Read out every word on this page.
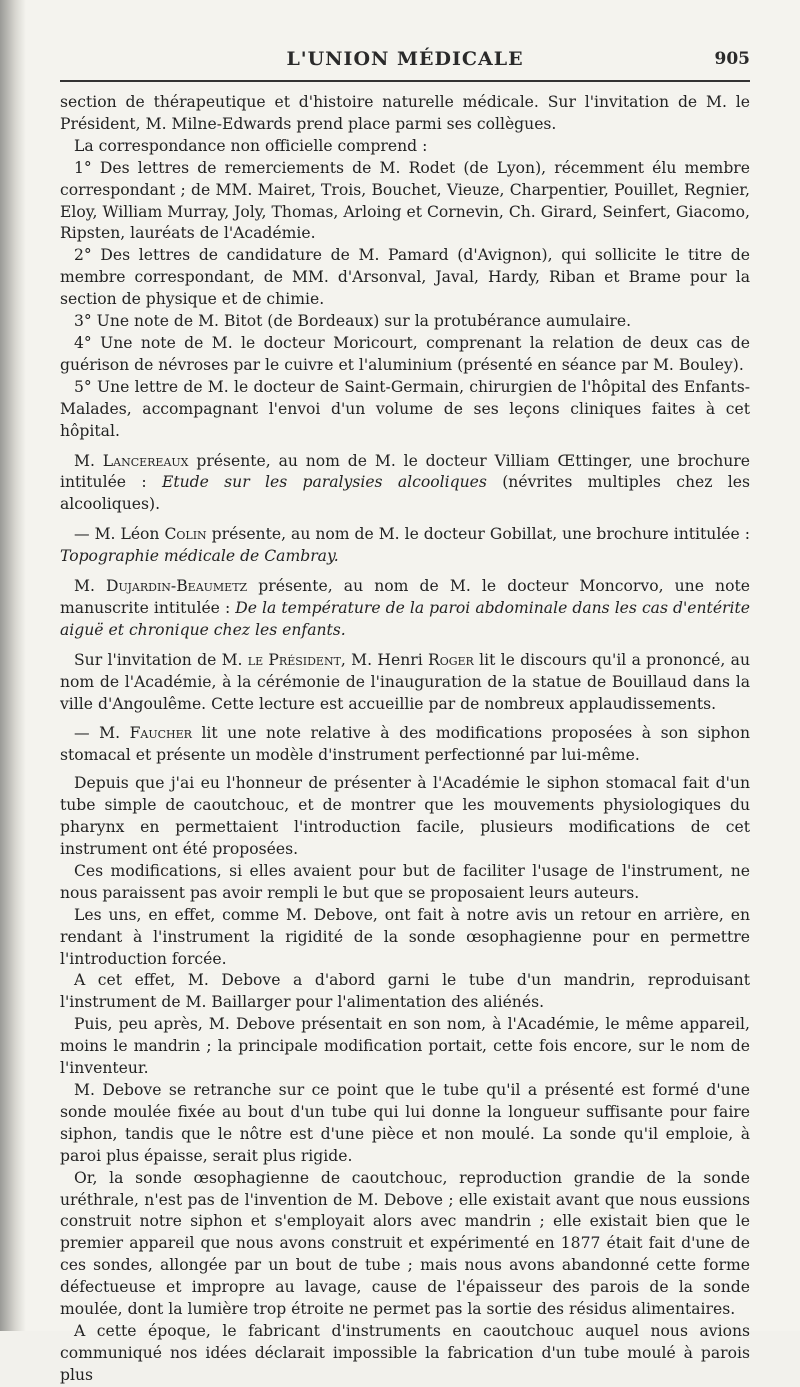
L'UNION MÉDICALE	905

section de thérapeutique et d'histoire naturelle médicale. Sur l'invitation de M. le Président, M. Milne-Edwards prend place parmi ses collègues.

La correspondance non officielle comprend :

1° Des lettres de remerciements de M. Rodet (de Lyon), récemment élu membre correspondant ; de MM. Mairet, Trois, Bouchet, Vieuze, Charpentier, Pouillet, Regnier, Eloy, William Murray, Joly, Thomas, Arloing et Cornevin, Ch. Girard, Seinfert, Giacomo, Ripsten, lauréats de l'Académie.

2° Des lettres de candidature de M. Pamard (d'Avignon), qui sollicite le titre de membre correspondant, de MM. d'Arsonval, Javal, Hardy, Riban et Brame pour la section de physique et de chimie.

3° Une note de M. Bitot (de Bordeaux) sur la protubérance aumulaire.

4° Une note de M. le docteur Moricourt, comprenant la relation de deux cas de guérison de névroses par le cuivre et l'aluminium (présenté en séance par M. Bouley).

5° Une lettre de M. le docteur de Saint-Germain, chirurgien de l'hôpital des Enfants-Malades, accompagnant l'envoi d'un volume de ses leçons cliniques faites à cet hôpital.

M. Lancereaux présente, au nom de M. le docteur Villiam Œttinger, une brochure intitulée : Etude sur les paralysies alcooliques (névrites multiples chez les alcooliques).

— M. Léon Colin présente, au nom de M. le docteur Gobillat, une brochure intitulée : Topographie médicale de Cambray.

M. Dujardin-Beaumetz présente, au nom de M. le docteur Moncorvo, une note manuscrite intitulée : De la température de la paroi abdominale dans les cas d'entérite aiguë et chronique chez les enfants.

Sur l'invitation de M. le Président, M. Henri Roger lit le discours qu'il a prononcé, au nom de l'Académie, à la cérémonie de l'inauguration de la statue de Bouillaud dans la ville d'Angoulême. Cette lecture est accueillie par de nombreux applaudissements.

— M. Faucher lit une note relative à des modifications proposées à son siphon stomacal et présente un modèle d'instrument perfectionné par lui-même.

Depuis que j'ai eu l'honneur de présenter à l'Académie le siphon stomacal fait d'un tube simple de caoutchouc, et de montrer que les mouvements physiologiques du pharynx en permettaient l'introduction facile, plusieurs modifications de cet instrument ont été proposées.

Ces modifications, si elles avaient pour but de faciliter l'usage de l'instrument, ne nous paraissent pas avoir rempli le but que se proposaient leurs auteurs.

Les uns, en effet, comme M. Debove, ont fait à notre avis un retour en arrière, en rendant à l'instrument la rigidité de la sonde œsophagienne pour en permettre l'introduction forcée.

A cet effet, M. Debove a d'abord garni le tube d'un mandrin, reproduisant l'instrument de M. Baillarger pour l'alimentation des aliénés.

Puis, peu après, M. Debove présentait en son nom, à l'Académie, le même appareil, moins le mandrin ; la principale modification portait, cette fois encore, sur le nom de l'inventeur.

M. Debove se retranche sur ce point que le tube qu'il a présenté est formé d'une sonde moulée fixée au bout d'un tube qui lui donne la longueur suffisante pour faire siphon, tandis que le nôtre est d'une pièce et non moulé. La sonde qu'il emploie, à paroi plus épaisse, serait plus rigide.

Or, la sonde œsophagienne de caoutchouc, reproduction grandie de la sonde uréthrale, n'est pas de l'invention de M. Debove ; elle existait avant que nous eussions construit notre siphon et s'employait alors avec mandrin ; elle existait bien que le premier appareil que nous avons construit et expérimenté en 1877 était fait d'une de ces sondes, allongée par un bout de tube ; mais nous avons abandonné cette forme défectueuse et impropre au lavage, cause de l'épaisseur des parois de la sonde moulée, dont la lumière trop étroite ne permet pas la sortie des résidus alimentaires.

A cette époque, le fabricant d'instruments en caoutchouc auquel nous avions communiqué nos idées déclarait impossible la fabrication d'un tube moulé à parois plus
